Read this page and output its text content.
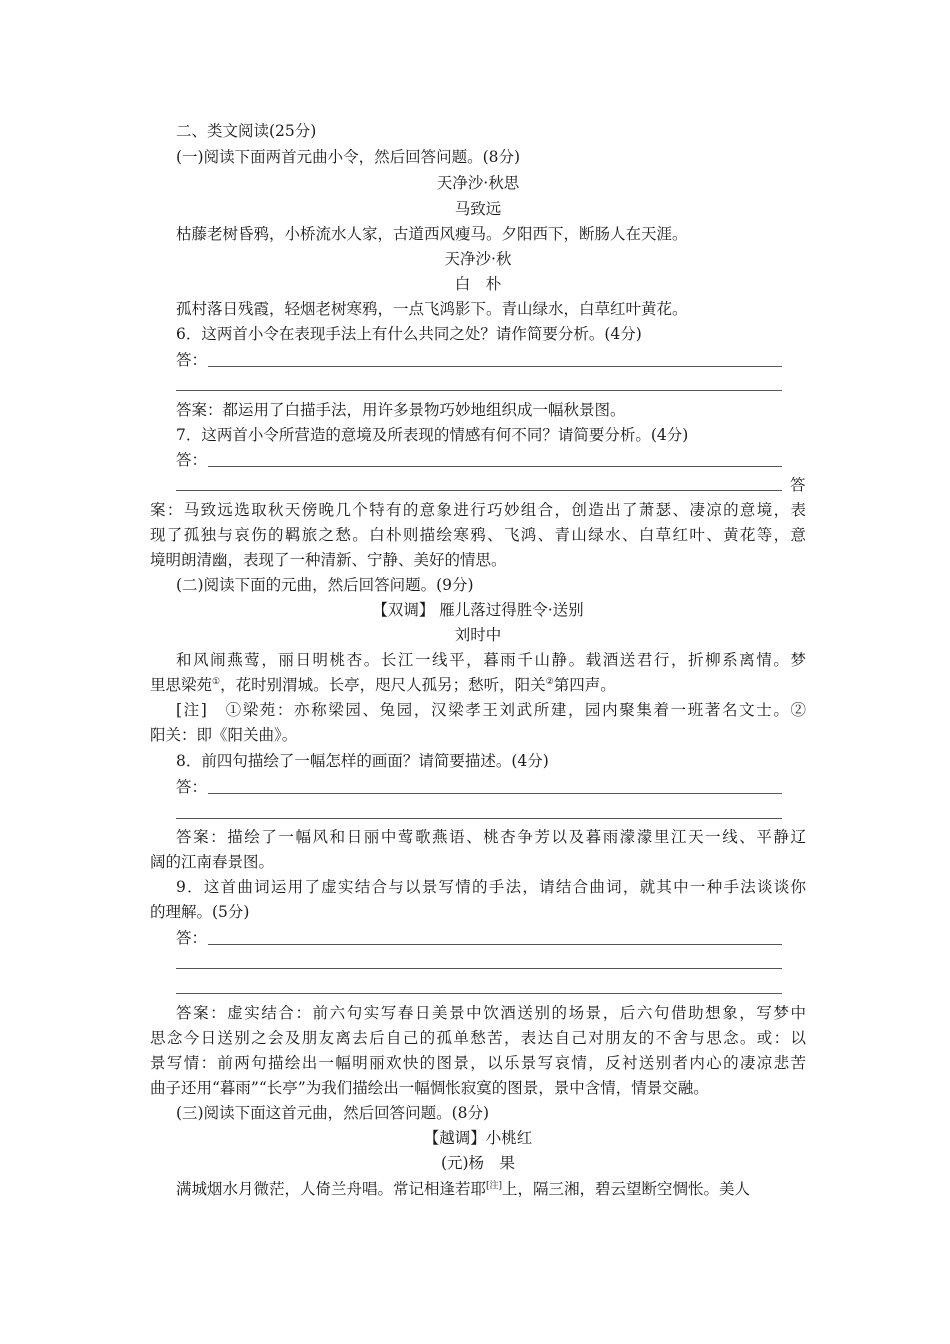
二、类文阅读(25分)
(一)阅读下面两首元曲小令，然后回答问题。(8分)
天净沙·秋思
马致远
枯藤老树昏鸦，小桥流水人家，古道西风瘦马。夕阳西下，断肠人在天涯。
天净沙·秋
白　朴
孤村落日残霞，轻烟老树寒鸦，一点飞鸿影下。青山绿水，白草红叶黄花。
6．这两首小令在表现手法上有什么共同之处？请作简要分析。(4分)
答：
答案：都运用了白描手法，用许多景物巧妙地组织成一幅秋景图。
7．这两首小令所营造的意境及所表现的情感有何不同？请简要分析。(4分)
答：
答
案：马致远选取秋天傍晚几个特有的意象进行巧妙组合，创造出了萧瑟、凄凉的意境，表
现了孤独与哀伤的羁旅之愁。白朴则描绘寒鸦、飞鸿、青山绿水、白草红叶、黄花等，意
境明朗清幽，表现了一种清新、宁静、美好的情思。
(二)阅读下面的元曲，然后回答问题。(9分)
【双调】 雁儿落过得胜令·送别
刘时中
和风闹燕莺，丽日明桃杏。长江一线平，暮雨千山静。载酒送君行，折柳系离情。梦
里思梁苑①，花时别渭城。长亭，咫尺人孤另；愁听，阳关②第四声。
[注]　①梁苑：亦称梁园、兔园，汉梁孝王刘武所建，园内聚集着一班著名文士。②
阳关：即《阳关曲》。
8．前四句描绘了一幅怎样的画面？请简要描述。(4分)
答：
答案：描绘了一幅风和日丽中莺歌燕语、桃杏争芳以及暮雨濛濛里江天一线、平静辽
阔的江南春景图。
9．这首曲词运用了虚实结合与以景写情的手法，请结合曲词，就其中一种手法谈谈你
的理解。(5分)
答：
答案：虚实结合：前六句实写春日美景中饮酒送别的场景，后六句借助想象，写梦中
思念今日送别之会及朋友离去后自己的孤单愁苦，表达自己对朋友的不舍与思念。或：以
景写情：前两句描绘出一幅明丽欢快的图景，以乐景写哀情，反衬送别者内心的凄凉悲苦
曲子还用“暮雨”“长亭”为我们描绘出一幅惆怅寂寞的图景，景中含情，情景交融。
(三)阅读下面这首元曲，然后回答问题。(8分)
【越调】小桃红
(元)杨　果
满城烟水月微茫，人倚兰舟唱。常记相逢若耶[注]上，隔三湘，碧云望断空惆怅。美人
